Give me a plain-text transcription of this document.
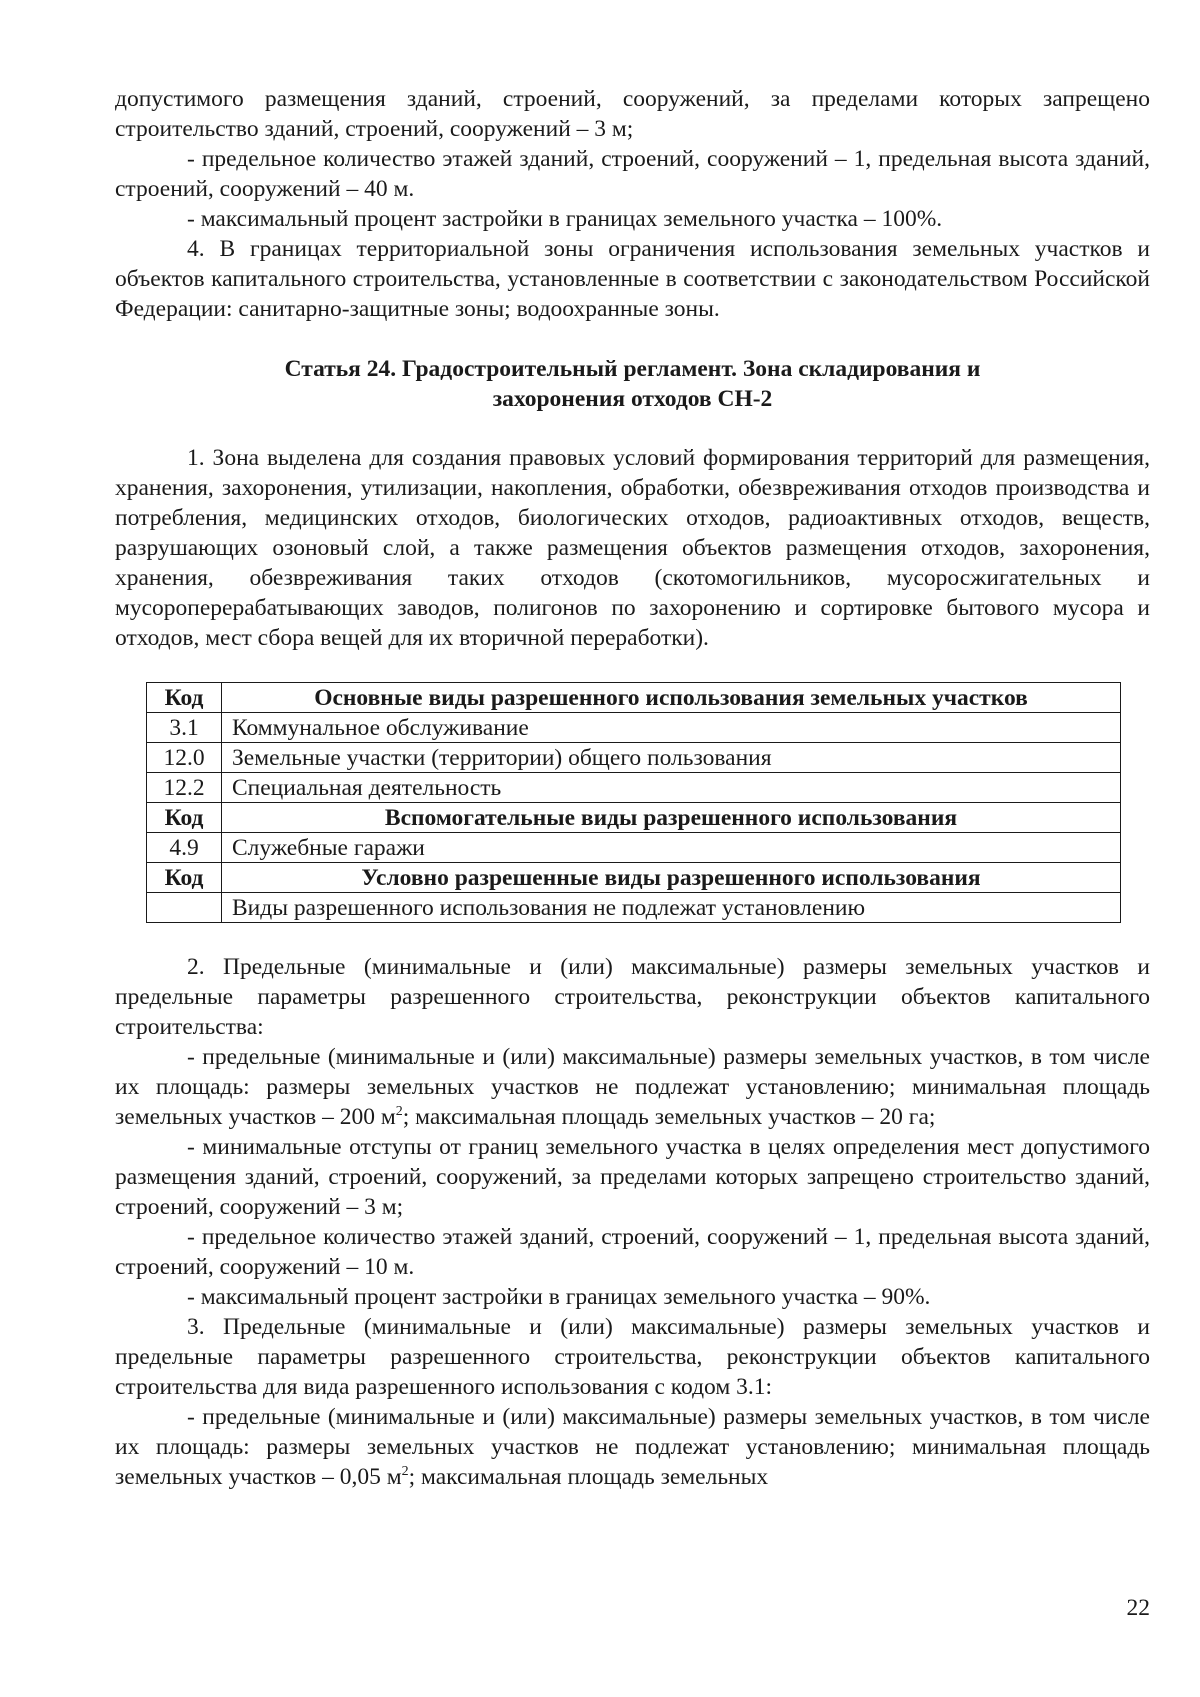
допустимого размещения зданий, строений, сооружений, за пределами которых запрещено строительство зданий, строений, сооружений – 3 м;

- предельное количество этажей зданий, строений, сооружений – 1, предельная высота зданий, строений, сооружений – 40 м.

- максимальный процент застройки в границах земельного участка – 100%.

4. В границах территориальной зоны ограничения использования земельных участков и объектов капитального строительства, установленные в соответствии с законодательством Российской Федерации: санитарно-защитные зоны; водоохранные зоны.

Статья 24. Градостроительный регламент. Зона складирования и
захоронения отходов СН-2

1. Зона выделена для создания правовых условий формирования территорий для размещения, хранения, захоронения, утилизации, накопления, обработки, обезвреживания отходов производства и потребления, медицинских отходов, биологических отходов, радиоактивных отходов, веществ, разрушающих озоновый слой, а также размещения объектов размещения отходов, захоронения, хранения, обезвреживания таких отходов (скотомогильников, мусоросжигательных и мусороперерабатывающих заводов, полигонов по захоронению и сортировке бытового мусора и отходов, мест сбора вещей для их вторичной переработки).

Код	Основные виды разрешенного использования земельных участков
3.1	Коммунальное обслуживание
12.0	Земельные участки (территории) общего пользования
12.2	Специальная деятельность
Код	Вспомогательные виды разрешенного использования
4.9	Служебные гаражи
Код	Условно разрешенные виды разрешенного использования
	Виды разрешенного использования не подлежат установлению

2. Предельные (минимальные и (или) максимальные) размеры земельных участков и предельные параметры разрешенного строительства, реконструкции объектов капитального строительства:

- предельные (минимальные и (или) максимальные) размеры земельных участков, в том числе их площадь: размеры земельных участков не подлежат установлению; минимальная площадь земельных участков – 200 $м^2$; максимальная площадь земельных участков – 20 га;

- минимальные отступы от границ земельного участка в целях определения мест допустимого размещения зданий, строений, сооружений, за пределами которых запрещено строительство зданий, строений, сооружений – 3 м;

- предельное количество этажей зданий, строений, сооружений – 1, предельная высота зданий, строений, сооружений – 10 м.

- максимальный процент застройки в границах земельного участка – 90%.

3. Предельные (минимальные и (или) максимальные) размеры земельных участков и предельные параметры разрешенного строительства, реконструкции объектов капитального строительства для вида разрешенного использования с кодом 3.1:

- предельные (минимальные и (или) максимальные) размеры земельных участков, в том числе их площадь: размеры земельных участков не подлежат установлению; минимальная площадь земельных участков – 0,05 $м^2$; максимальная площадь земельных

22
